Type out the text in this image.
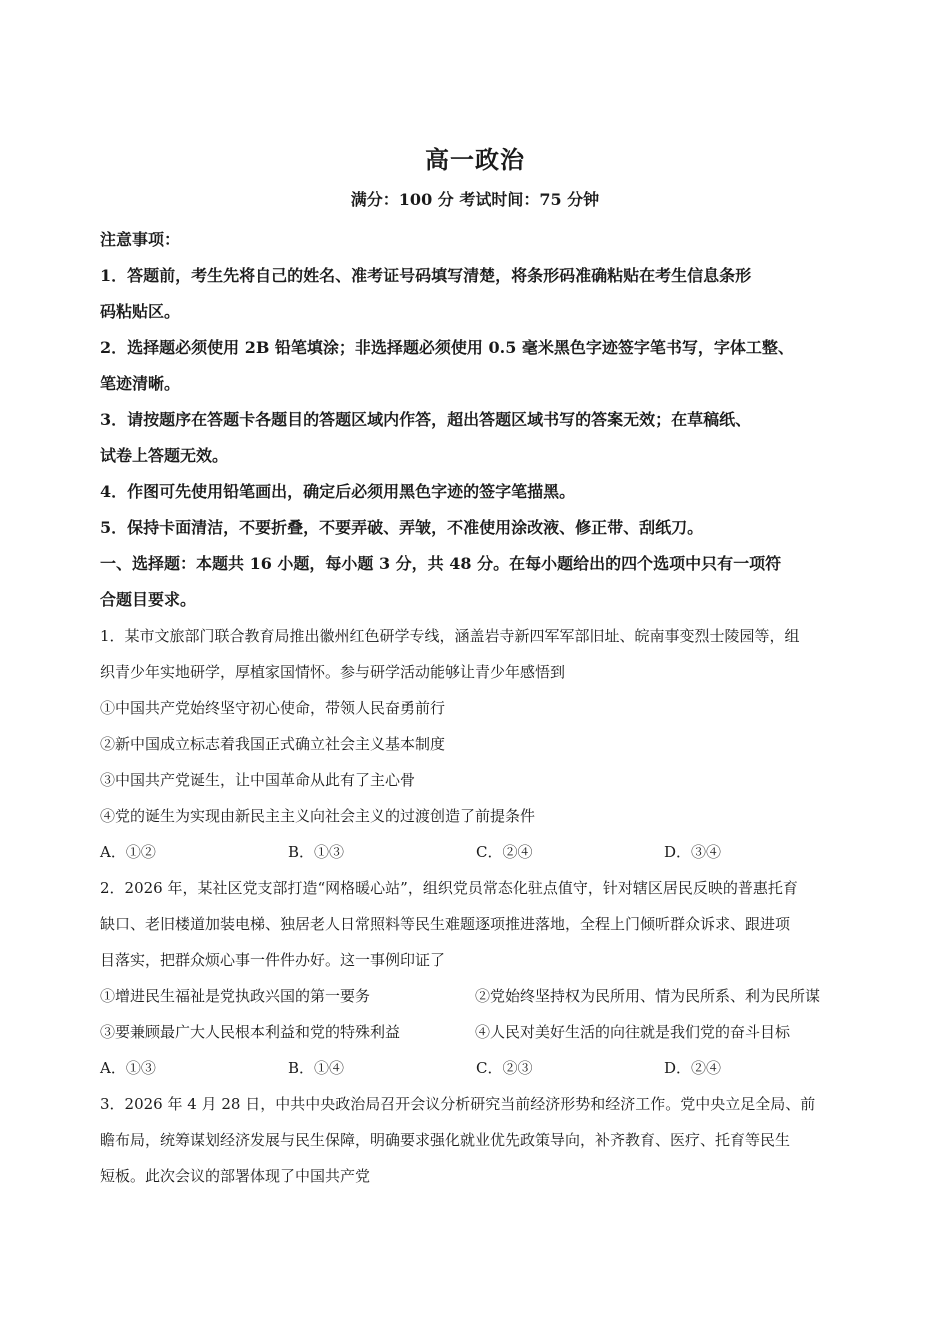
高一政治
满分：100 分 考试时间：75 分钟
注意事项：
1．答题前，考生先将自己的姓名、准考证号码填写清楚，将条形码准确粘贴在考生信息条形
码粘贴区。
2．选择题必须使用 2B 铅笔填涂；非选择题必须使用 0.5 毫米黑色字迹签字笔书写，字体工整、
笔迹清晰。
3．请按题序在答题卡各题目的答题区域内作答，超出答题区域书写的答案无效；在草稿纸、
试卷上答题无效。
4．作图可先使用铅笔画出，确定后必须用黑色字迹的签字笔描黑。
5．保持卡面清洁，不要折叠，不要弄破、弄皱，不准使用涂改液、修正带、刮纸刀。
一、选择题：本题共 16 小题，每小题 3 分，共 48 分。在每小题给出的四个选项中只有一项符
合题目要求。
1．某市文旅部门联合教育局推出徽州红色研学专线，涵盖岩寺新四军军部旧址、皖南事变烈士陵园等，组
织青少年实地研学，厚植家国情怀。参与研学活动能够让青少年感悟到
①中国共产党始终坚守初心使命，带领人民奋勇前行
②新中国成立标志着我国正式确立社会主义基本制度
③中国共产党诞生，让中国革命从此有了主心骨
④党的诞生为实现由新民主主义向社会主义的过渡创造了前提条件
A．①②	B．①③	C．②④	D．③④
2．2026 年，某社区党支部打造“网格暖心站”，组织党员常态化驻点值守，针对辖区居民反映的普惠托育
缺口、老旧楼道加装电梯、独居老人日常照料等民生难题逐项推进落地，全程上门倾听群众诉求、跟进项
目落实，把群众烦心事一件件办好。这一事例印证了
①增进民生福祉是党执政兴国的第一要务	②党始终坚持权为民所用、情为民所系、利为民所谋
③要兼顾最广大人民根本利益和党的特殊利益	④人民对美好生活的向往就是我们党的奋斗目标
A．①③	B．①④	C．②③	D．②④
3．2026 年 4 月 28 日，中共中央政治局召开会议分析研究当前经济形势和经济工作。党中央立足全局、前
瞻布局，统筹谋划经济发展与民生保障，明确要求强化就业优先政策导向，补齐教育、医疗、托育等民生
短板。此次会议的部署体现了中国共产党
